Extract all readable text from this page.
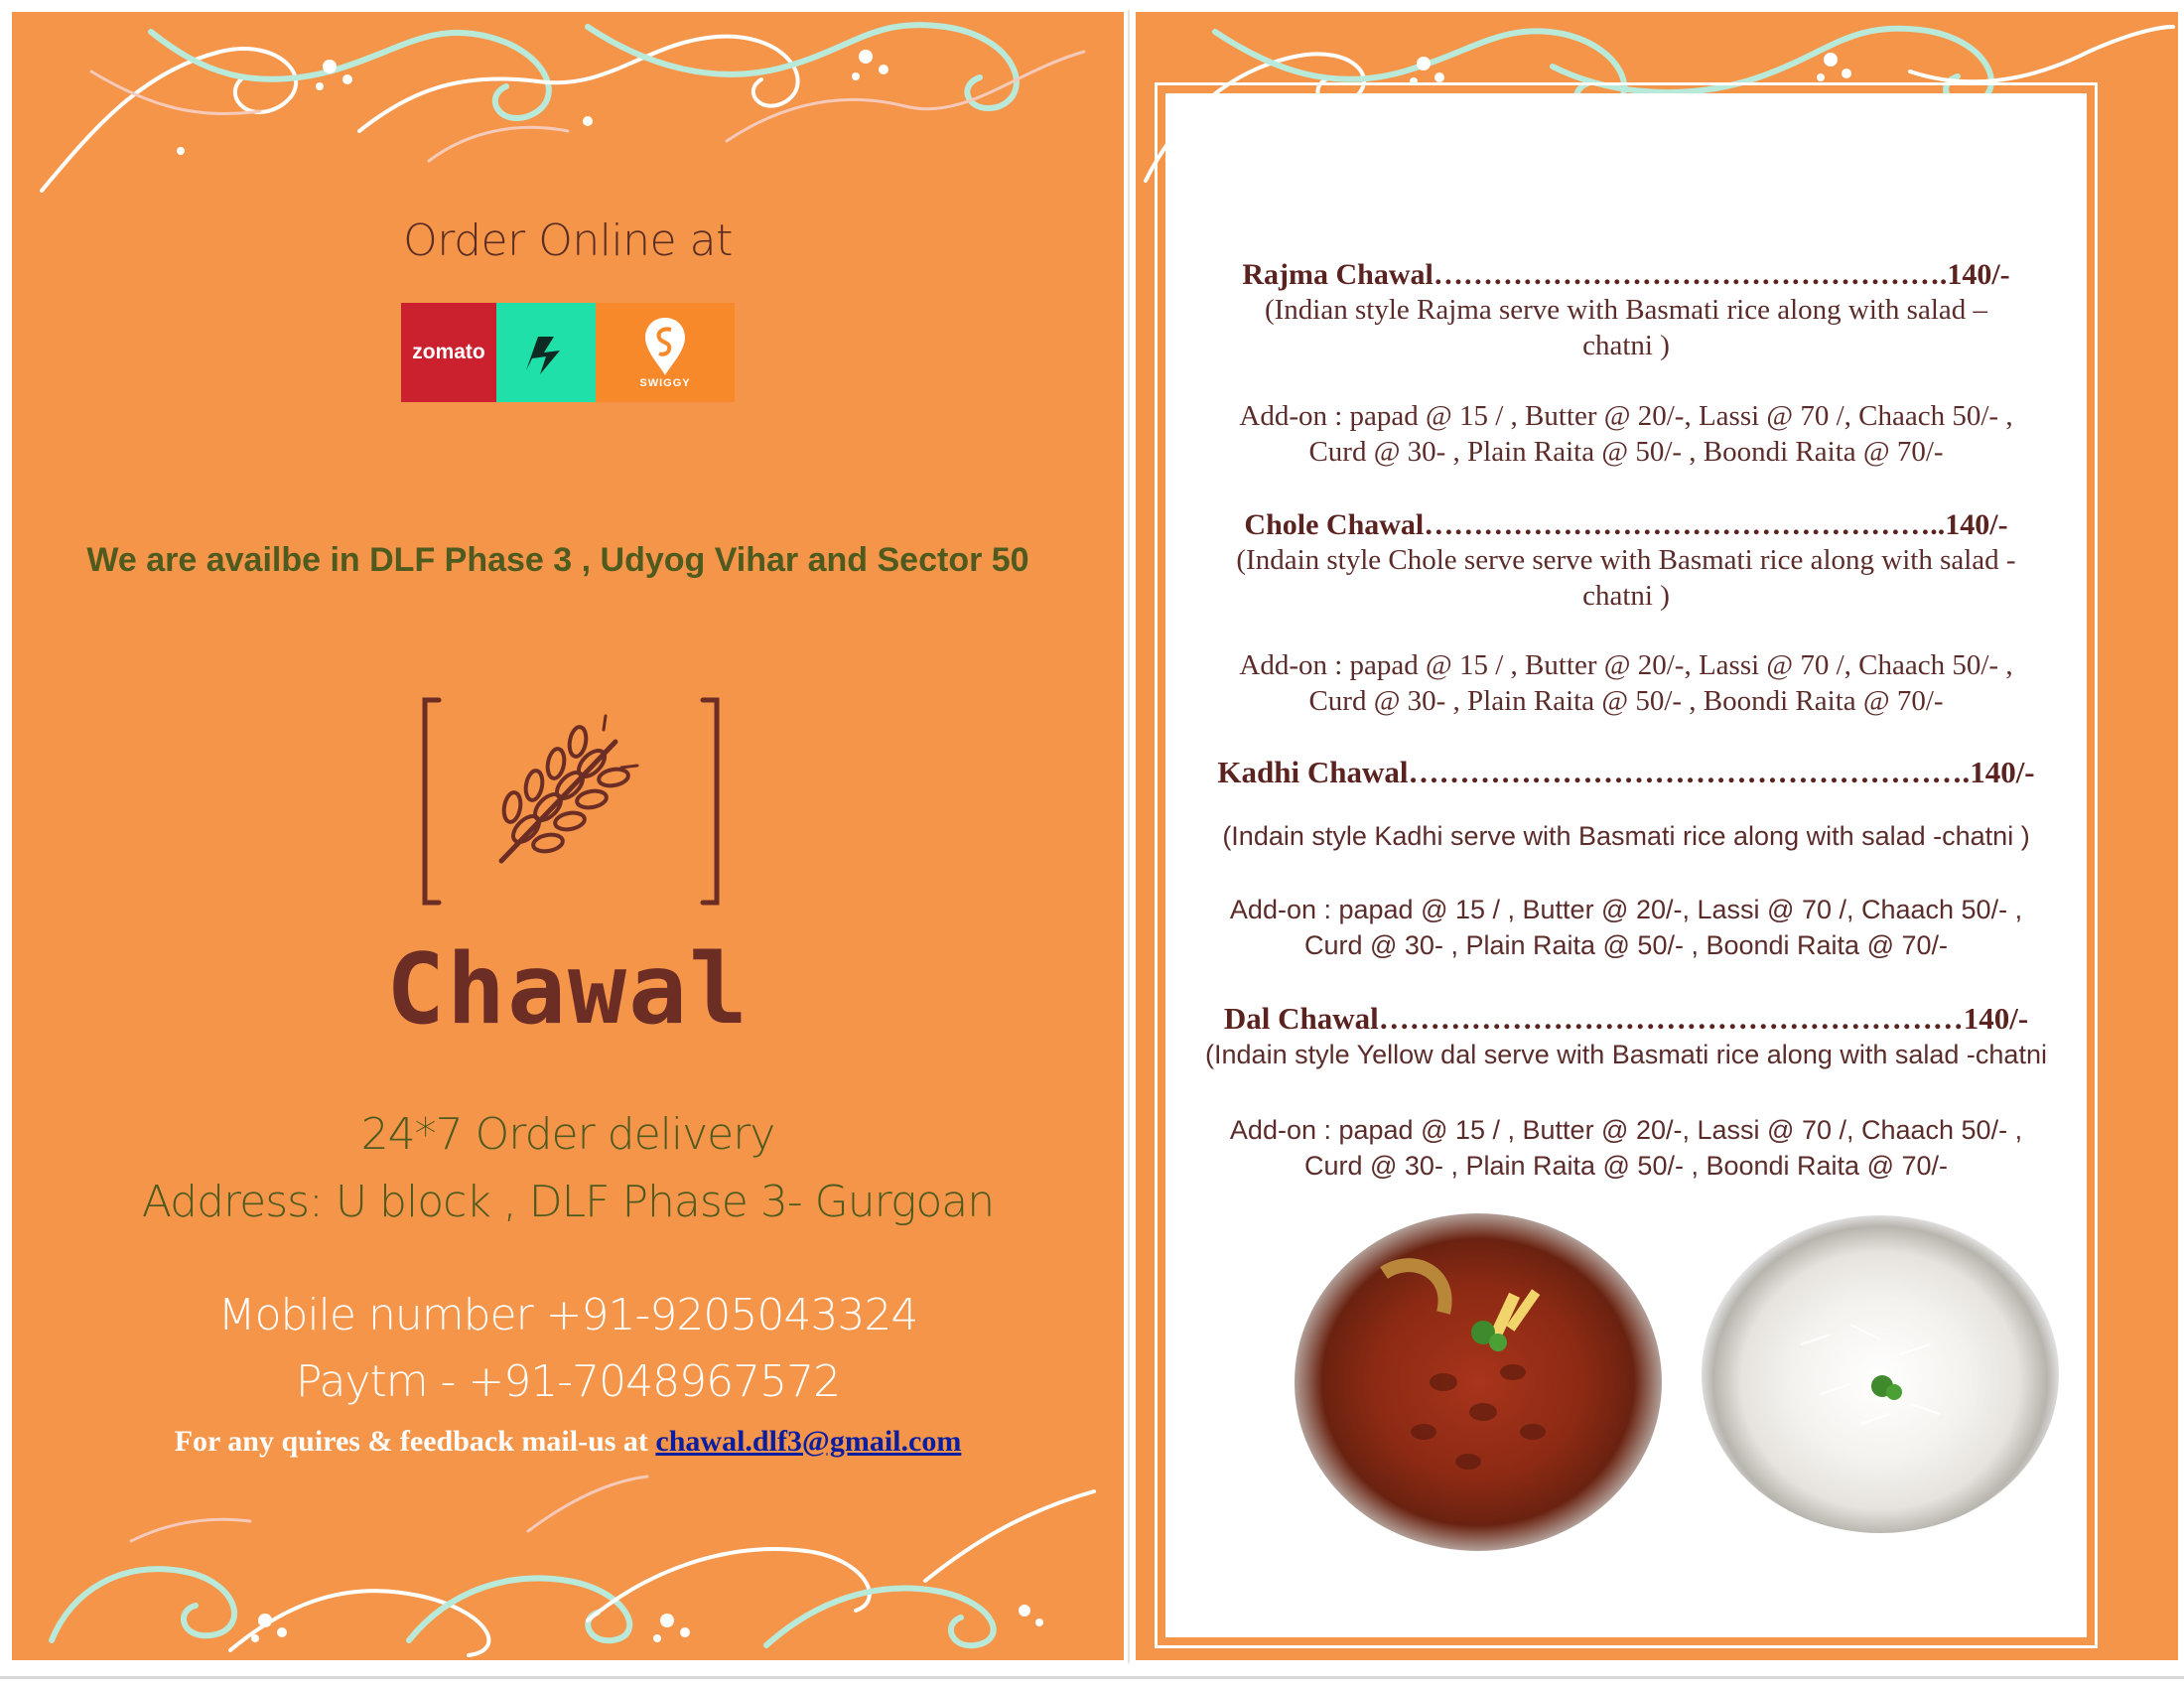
Order Online at
zomato
SWIGGY
We are availbe in DLF Phase 3 , Udyog Vihar and Sector 50
Chawal
24*7 Order delivery
Address: U block , DLF Phase 3- Gurgoan
Mobile number +91-9205043324
Paytm - +91-7048967572
For any quires & feedback mail-us at chawal.dlf3@gmail.com
Rajma Chawal…………………………………………….140/-
(Indian style Rajma serve with Basmati rice along with salad –
chatni )
Add-on : papad @ 15 / , Butter @ 20/-, Lassi @ 70 /, Chaach 50/- ,
Curd @ 30- , Plain Raita @ 50/- , Boondi Raita @ 70/-
Chole Chawal……………………………………………..140/-
(Indain style Chole serve serve with Basmati rice along with salad -
chatni )
Add-on : papad @ 15 / , Butter @ 20/-, Lassi @ 70 /, Chaach 50/- ,
Curd @ 30- , Plain Raita @ 50/- , Boondi Raita @ 70/-
Kadhi Chawal……………………………………………….140/-
(Indain style Kadhi serve with Basmati rice along with salad -chatni )
Add-on : papad @ 15 / , Butter @ 20/-, Lassi @ 70 /, Chaach 50/- ,
Curd @ 30- , Plain Raita @ 50/- , Boondi Raita @ 70/-
Dal Chawal…………………………………………………140/-
(Indain style Yellow dal serve with Basmati rice along with salad -chatni
Add-on : papad @ 15 / , Butter @ 20/-, Lassi @ 70 /, Chaach 50/- ,
Curd @ 30- , Plain Raita @ 50/- , Boondi Raita @ 70/-
